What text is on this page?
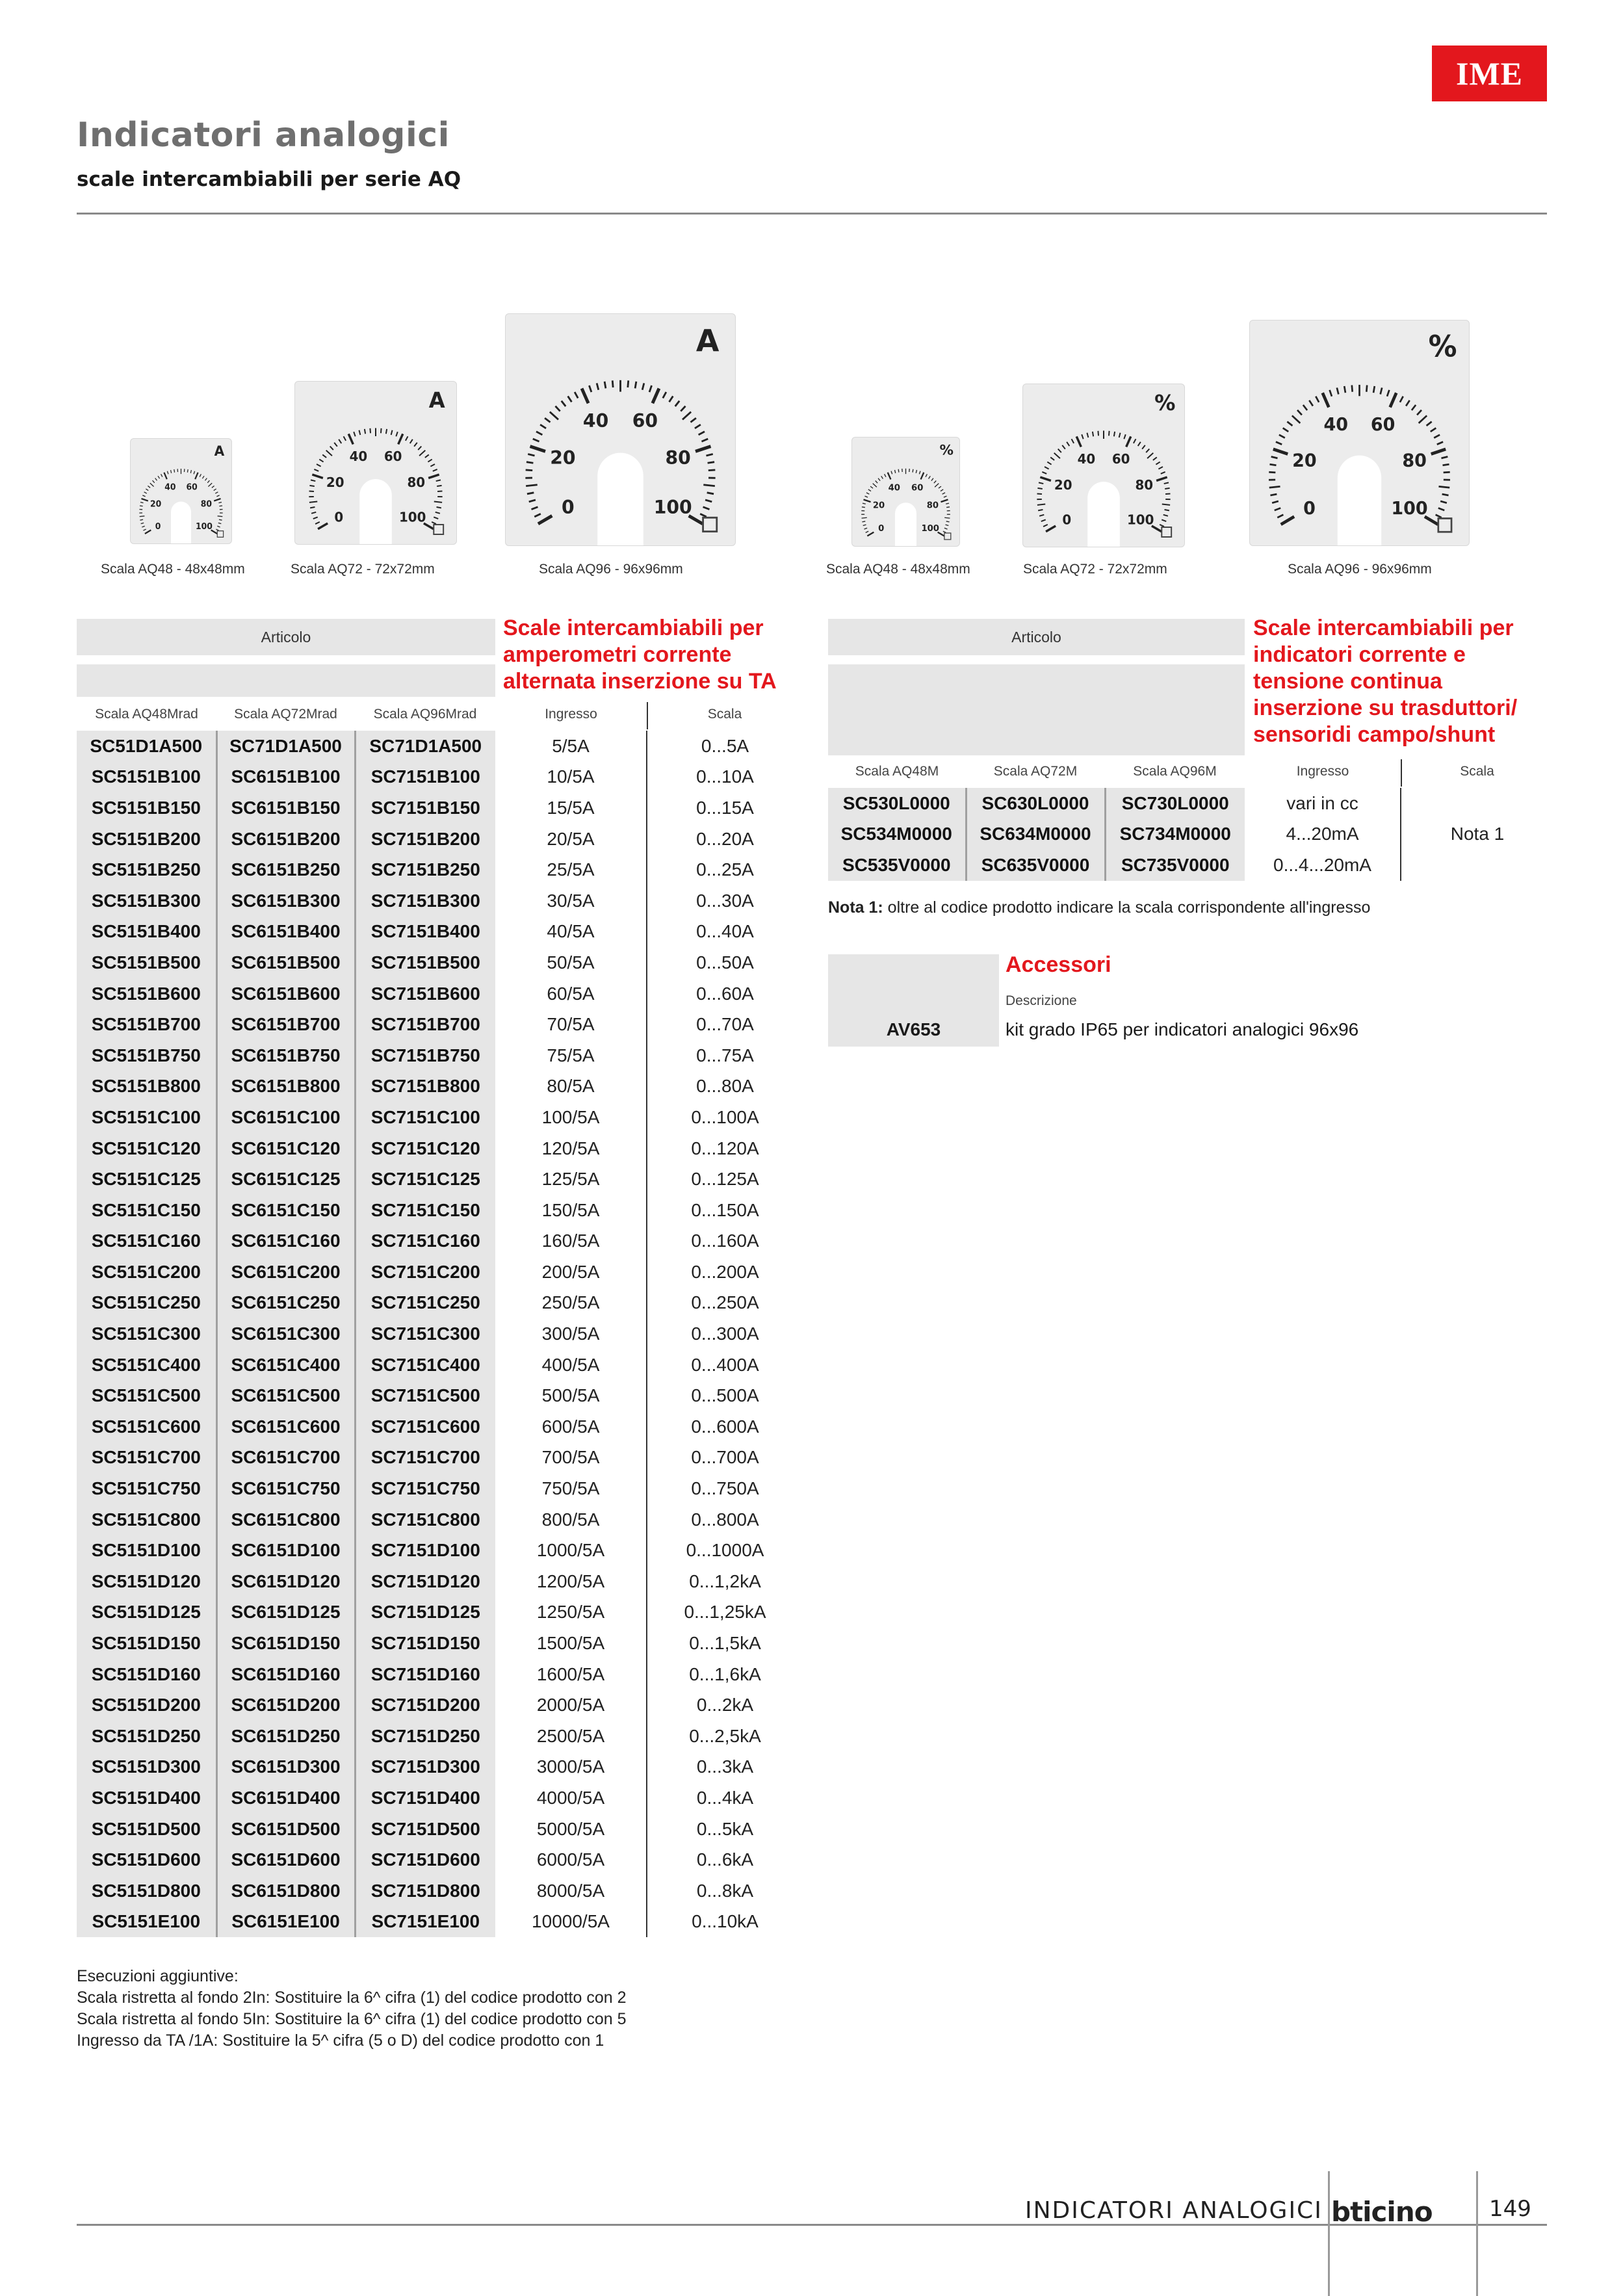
IME
Indicatori analogici
scale intercambiabili per serie AQ
0
20
40 60
80
100
A
0
20
40	60
80
100
A
0
20
40	60
80
100
A
Scala AQ48 - 48x48mm	Scala AQ72 - 72x72mm	Scala AQ96 - 96x96mm
0
20
40 60
80
100
%
0
20
40	60
80
100
%
0
20
40	60
80
100
%
Scala AQ48 - 48x48mm	Scala AQ72 - 72x72mm	Scala AQ96 - 96x96mm
Articolo	Scale intercambiabili per amperometri corrente alternata inserzione su TA
Scala AQ48Mrad	Scala AQ72Mrad	Scala AQ96Mrad	Ingresso	Scala
SC51D1A500	SC71D1A500	SC71D1A500	5/5A	0...5A
SC5151B100	SC6151B100	SC7151B100	10/5A	0...10A
SC5151B150	SC6151B150	SC7151B150	15/5A	0...15A
SC5151B200	SC6151B200	SC7151B200	20/5A	0...20A
SC5151B250	SC6151B250	SC7151B250	25/5A	0...25A
SC5151B300	SC6151B300	SC7151B300	30/5A	0...30A
SC5151B400	SC6151B400	SC7151B400	40/5A	0...40A
SC5151B500	SC6151B500	SC7151B500	50/5A	0...50A
SC5151B600	SC6151B600	SC7151B600	60/5A	0...60A
SC5151B700	SC6151B700	SC7151B700	70/5A	0...70A
SC5151B750	SC6151B750	SC7151B750	75/5A	0...75A
SC5151B800	SC6151B800	SC7151B800	80/5A	0...80A
SC5151C100	SC6151C100	SC7151C100	100/5A	0...100A
SC5151C120	SC6151C120	SC7151C120	120/5A	0...120A
SC5151C125	SC6151C125	SC7151C125	125/5A	0...125A
SC5151C150	SC6151C150	SC7151C150	150/5A	0...150A
SC5151C160	SC6151C160	SC7151C160	160/5A	0...160A
SC5151C200	SC6151C200	SC7151C200	200/5A	0...200A
SC5151C250	SC6151C250	SC7151C250	250/5A	0...250A
SC5151C300	SC6151C300	SC7151C300	300/5A	0...300A
SC5151C400	SC6151C400	SC7151C400	400/5A	0...400A
SC5151C500	SC6151C500	SC7151C500	500/5A	0...500A
SC5151C600	SC6151C600	SC7151C600	600/5A	0...600A
SC5151C700	SC6151C700	SC7151C700	700/5A	0...700A
SC5151C750	SC6151C750	SC7151C750	750/5A	0...750A
SC5151C800	SC6151C800	SC7151C800	800/5A	0...800A
SC5151D100	SC6151D100	SC7151D100	1000/5A	0...1000A
SC5151D120	SC6151D120	SC7151D120	1200/5A	0...1,2kA
SC5151D125	SC6151D125	SC7151D125	1250/5A	0...1,25kA
SC5151D150	SC6151D150	SC7151D150	1500/5A	0...1,5kA
SC5151D160	SC6151D160	SC7151D160	1600/5A	0...1,6kA
SC5151D200	SC6151D200	SC7151D200	2000/5A	0...2kA
SC5151D250	SC6151D250	SC7151D250	2500/5A	0...2,5kA
SC5151D300	SC6151D300	SC7151D300	3000/5A	0...3kA
SC5151D400	SC6151D400	SC7151D400	4000/5A	0...4kA
SC5151D500	SC6151D500	SC7151D500	5000/5A	0...5kA
SC5151D600	SC6151D600	SC7151D600	6000/5A	0...6kA
SC5151D800	SC6151D800	SC7151D800	8000/5A	0...8kA
SC5151E100	SC6151E100	SC7151E100	10000/5A	0...10kA
Articolo	Scale intercambiabili per indicatori corrente e tensione continua inserzione su trasduttori/ sensoridi campo/shunt
Scala AQ48M	Scala AQ72M	Scala AQ96M	Ingresso	Scala
SC530L0000	SC630L0000	SC730L0000	vari in cc	Nota 1
SC534M0000	SC634M0000	SC734M0000	4...20mA	
SC535V0000	SC635V0000	SC735V0000	0...4...20mA	
Nota 1: oltre al codice prodotto indicare la scala corrispondente all'ingresso
Accessori
Descrizione
AV653	kit grado IP65 per indicatori analogici 96x96
Esecuzioni aggiuntive:
Scala ristretta al fondo 2In: Sostituire la 6^ cifra (1) del codice prodotto con 2
Scala ristretta al fondo 5In: Sostituire la 6^ cifra (1) del codice prodotto con 5
Ingresso da TA /1A: Sostituire la 5^ cifra (5 o D) del codice prodotto con 1
INDICATORI ANALOGICI bticino	149
